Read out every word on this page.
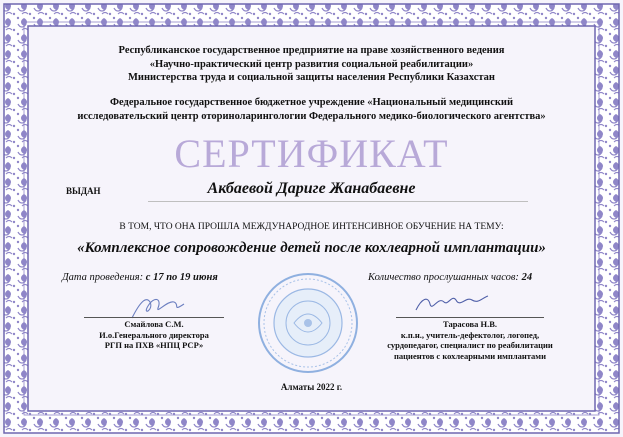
Республиканское государственное предприятие на праве хозяйственного ведения
«Научно-практический центр развития социальной реабилитации»
Министерства труда и социальной защиты населения Республики Казахстан
Федеральное государственное бюджетное учреждение «Национальный медицинский
исследовательский центр оториноларингологии Федерального медико-биологического агентства»
СЕРТИФИКАТ
ВЫДАН	Акбаевой Дариге Жанабаевне
В ТОМ, ЧТО ОНА ПРОШЛА МЕЖДУНАРОДНОЕ ИНТЕНСИВНОЕ ОБУЧЕНИЕ НА ТЕМУ:
«Комплексное сопровождение детей после кохлеарной имплантации»
Дата проведения: с 17 по 19 июня	Количество прослушанных часов: 24
Смайлова С.М.
И.о.Генерального директора
РГП на ПХВ «НПЦ РСР»
Тарасова Н.В.
к.п.н., учитель-дефектолог, логопед,
сурдопедагог, специалист по реабилитации
пациентов с кохлеарными имплантами
Алматы 2022 г.
